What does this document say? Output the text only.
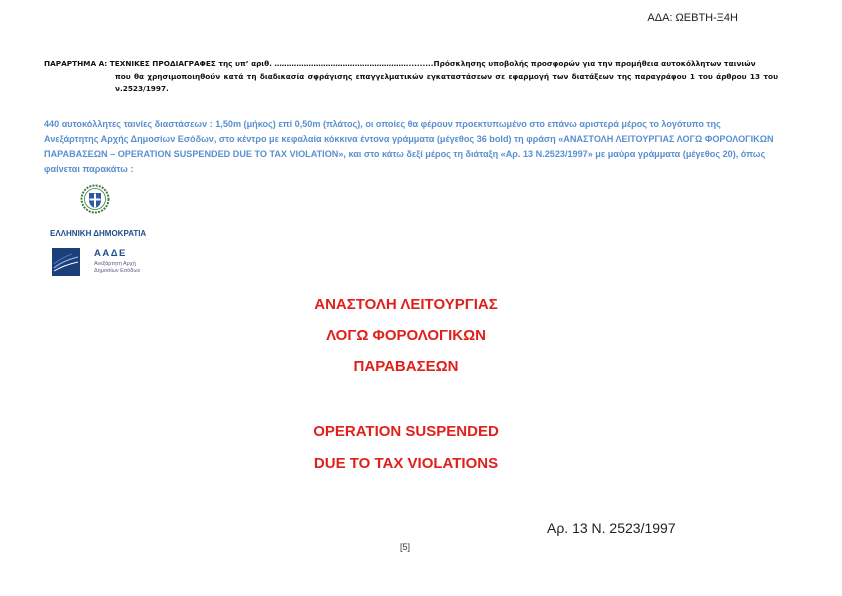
ΑΔΑ: ΩΕΒΤΗ-Ξ4Η
ΠΑΡΑΡΤΗΜΑ Α: ΤΕΧΝΙΚΕΣ ΠΡΟΔΙΑΓΡΑΦΕΣ της υπ’ αριθ. ………………………………………………..........Πρόσκλησης υποβολής προσφορών για την προμήθεια αυτοκόλλητων ταινιών
που θα χρησιμοποιηθούν κατά τη διαδικασία σφράγισης επαγγελματικών εγκαταστάσεων σε εφαρμογή των διατάξεων της παραγράφου 1 του άρθρου 13 του ν.2523/1997.
440 αυτοκόλλητες ταινίες διαστάσεων : 1,50m (μήκος) επί 0,50m (πλάτος), οι οποίες θα φέρουν προεκτυπωμένο στο επάνω αριστερά μέρος το λογότυπο της Ανεξάρτητης Αρχής Δημοσίων Εσόδων, στο κέντρο με κεφαλαία κόκκινα έντονα γράμματα (μέγεθος 36 bold) τη φράση «ΑΝΑΣΤΟΛΗ ΛΕΙΤΟΥΡΓΙΑΣ ΛΟΓΩ ΦΟΡΟΛΟΓΙΚΩΝ ΠΑΡΑΒΑΣΕΩΝ – OPERATION SUSPENDED DUE TO TAX VIOLATION», και στο κάτω δεξί μέρος τη διάταξη «Αρ. 13 Ν.2523/1997» με μαύρα γράμματα (μέγεθος 20), όπως φαίνεται παρακάτω :
ΕΛΛΗΝΙΚΗ ΔΗΜΟΚΡΑΤΙΑ
ΑΑΔΕ
Ανεξάρτητη Αρχή
Δημοσίων Εσόδων
ΑΝΑΣΤΟΛΗ ΛΕΙΤΟΥΡΓΙΑΣ
ΛΟΓΩ ΦΟΡΟΛΟΓΙΚΩΝ
ΠΑΡΑΒΑΣΕΩΝ
OPERATION SUSPENDED
DUE TO TAX VIOLATIONS
Αρ. 13 Ν. 2523/1997
[5]
